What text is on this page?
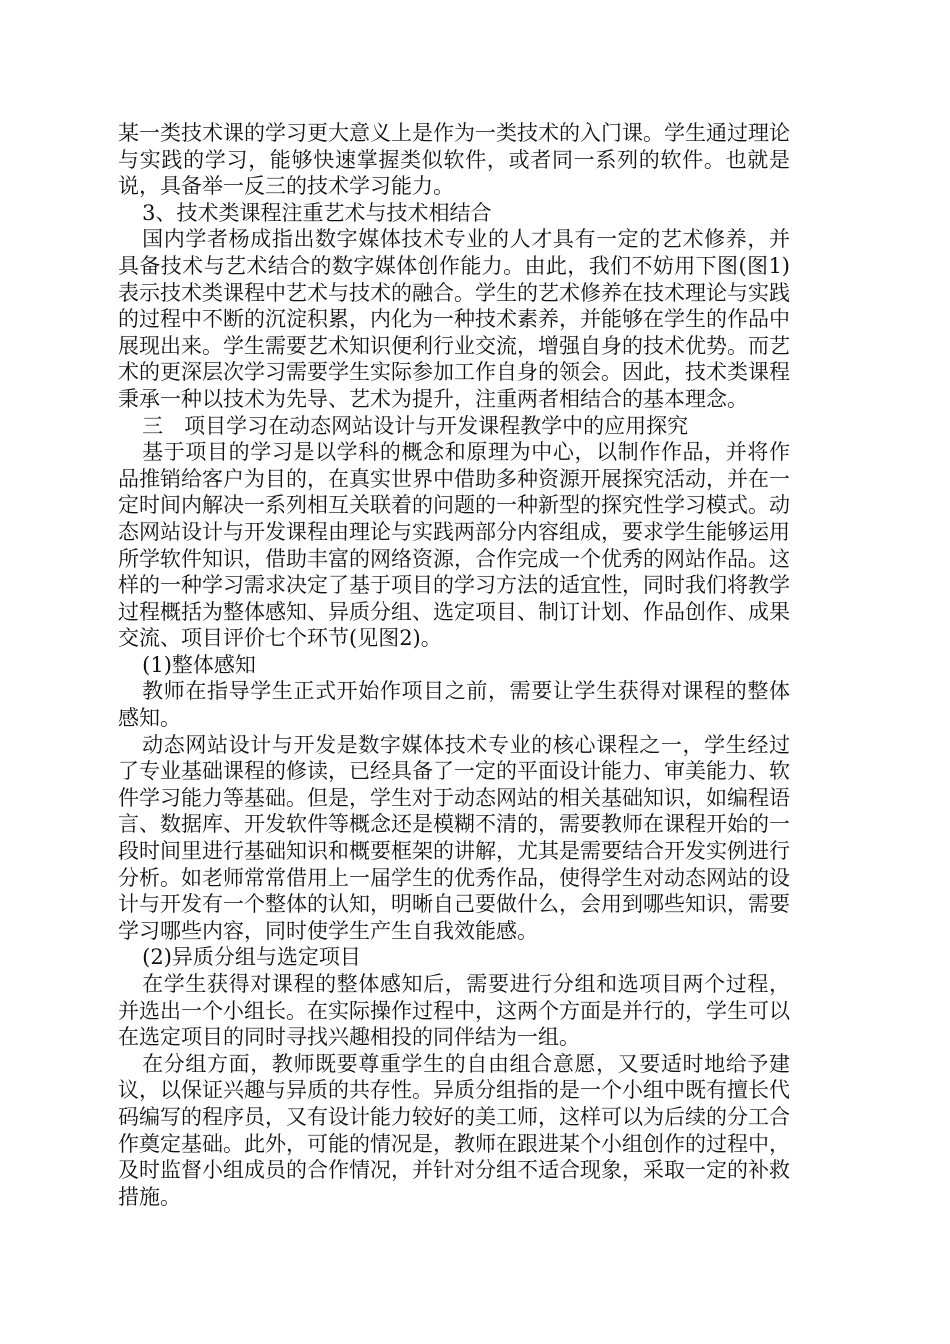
某一类技术课的学习更大意义上是作为一类技术的入门课。学生通过理论与实践的学习，能够快速掌握类似软件，或者同一系列的软件。也就是说，具备举一反三的技术学习能力。

3、技术类课程注重艺术与技术相结合

国内学者杨成指出数字媒体技术专业的人才具有一定的艺术修养，并具备技术与艺术结合的数字媒体创作能力。由此，我们不妨用下图(图1)表示技术类课程中艺术与技术的融合。学生的艺术修养在技术理论与实践的过程中不断的沉淀积累，内化为一种技术素养，并能够在学生的作品中展现出来。学生需要艺术知识便利行业交流，增强自身的技术优势。而艺术的更深层次学习需要学生实际参加工作自身的领会。因此，技术类课程秉承一种以技术为先导、艺术为提升，注重两者相结合的基本理念。

三　项目学习在动态网站设计与开发课程教学中的应用探究

基于项目的学习是以学科的概念和原理为中心，以制作作品，并将作品推销给客户为目的，在真实世界中借助多种资源开展探究活动，并在一定时间内解决一系列相互关联着的问题的一种新型的探究性学习模式。动态网站设计与开发课程由理论与实践两部分内容组成，要求学生能够运用所学软件知识，借助丰富的网络资源，合作完成一个优秀的网站作品。这样的一种学习需求决定了基于项目的学习方法的适宜性，同时我们将教学过程概括为整体感知、异质分组、选定项目、制订计划、作品创作、成果交流、项目评价七个环节(见图2)。

(1)整体感知

教师在指导学生正式开始作项目之前，需要让学生获得对课程的整体感知。

动态网站设计与开发是数字媒体技术专业的核心课程之一，学生经过了专业基础课程的修读，已经具备了一定的平面设计能力、审美能力、软件学习能力等基础。但是，学生对于动态网站的相关基础知识，如编程语言、数据库、开发软件等概念还是模糊不清的，需要教师在课程开始的一段时间里进行基础知识和概要框架的讲解，尤其是需要结合开发实例进行分析。如老师常常借用上一届学生的优秀作品，使得学生对动态网站的设计与开发有一个整体的认知，明晰自己要做什么，会用到哪些知识，需要学习哪些内容，同时使学生产生自我效能感。

(2)异质分组与选定项目

在学生获得对课程的整体感知后，需要进行分组和选项目两个过程，并选出一个小组长。在实际操作过程中，这两个方面是并行的，学生可以在选定项目的同时寻找兴趣相投的同伴结为一组。

在分组方面，教师既要尊重学生的自由组合意愿，又要适时地给予建议，以保证兴趣与异质的共存性。异质分组指的是一个小组中既有擅长代码编写的程序员，又有设计能力较好的美工师，这样可以为后续的分工合作奠定基础。此外，可能的情况是，教师在跟进某个小组创作的过程中，及时监督小组成员的合作情况，并针对分组不适合现象，采取一定的补救措施。
